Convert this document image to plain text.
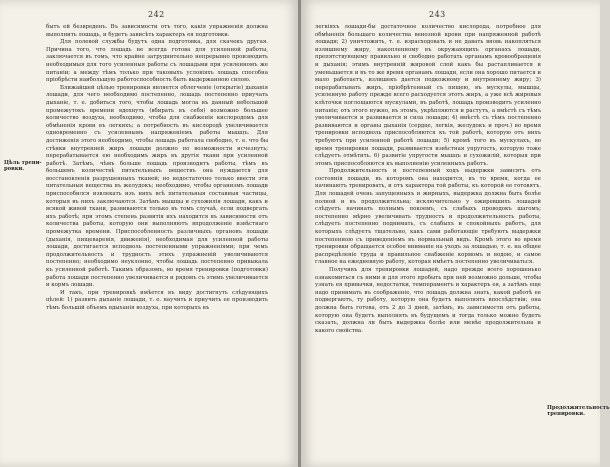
242
Цѣль трени-
ровки.

бытъ ей безвреденъ. Въ зависимости отъ того, какія упражненія должна выполнить лошадь, и будетъ зависѣть характеръ ея подготовки.

Для полевой службы будутъ одна подготовка, для скачекъ другая. Причина того, что лошадь не всегда готова для усиленной работы, заключается въ томъ, что крайне затруднительно непрерывно производить необходимыя для того усиленныя работы съ лошадьми при усиленномъ же питаніи; а между тѣмъ только при таковыхъ условіяхъ лошадь способна пріобрѣсти наибольшую работоспособность быть выдержанною силою.

Ближайшей цѣлью тренировки является облегченіе (открытіе) дыханія лошади, для чего необходимо постепенно, лошадь постепенно приучать дыханіе, т. е. добиться того, чтобы лошадь могла въ данный небольшой промежутокъ времени вдохнуть (вбирать въ себя) возможно большее количество воздуха, необходимо, чтобы для снабженія кислородомъ для обмѣненія крови въ легкихъ; а потребность въ кислородѣ увеличивается одновременно съ усиленнымъ напряженіемъ работы мышцъ. Для достиженія этого необходимо, чтобы лошадь работала свободно, т. е. что бы стѣнки внутренней жиръ лошади должно по возможности исчезнуть; перерабатывается ею необходимъ жиръ въ другія ткани при усиленной работѣ. Затѣмъ, чѣмъ больше лошадь производитъ работы, тѣмъ въ большемъ количествѣ питательныхъ веществъ она нуждается для восстановленія разрушенныхъ тканей; но недостаточно только ввести эти питательныя вещества въ желудокъ; необходимо, чтобы организмъ лошади приспособился извлекать изъ нихъ всѣ питательныя составныя частицы, которыя въ нихъ заключаются. Затѣмъ мышцы и сухожилія лошади, какъ и всякой живой ткани, развиваются только въ томъ случаѣ, если подвергать ихъ работѣ; при этомъ степень развитія ихъ находится въ зависимости отъ количества работы, которую они выполняютъ впродолженіе извѣстнаго промежутка времени. Приспособленность различныхъ органовъ лошади (дыханія, пищеваренія, движенія), необходимая для усиленной работы лошади, достигается исподволь постепенными упражненіями; при чемъ продолжительность и трудность этихъ упражненій увеличиваются постепенно; необходимо неуклонно, чтобы лошадь постепенно привыкала къ усиленной работѣ. Такимъ образомъ, во время тренировки (подготовки) работа лошади постепенно увеличивается и рядомъ съ этимъ увеличивается и кормъ лошади.

И такъ, при тренировкѣ имѣется въ виду достигнуть слѣдующихъ цѣлей: 1) развить дыханіе лошади, т. е. научить и приучить ее производить тѣмъ большій объемъ вдыханія воздуха, при которыхъ въ

243
Продолжительность
тренировки.

легкіяхъ лошади-бы достаточное количество кислорода, потребное для обмѣненія большаго количества венозной крови при напряженной работѣ лошади; 2) уничтожить, т. е. израсходовать и не давать вновь накопляться излишнему жиру, накопленному въ окружающихъ органахъ лошади, препятствующему правильно и свободно работать органамъ кровообращенія и дыханія; этимъ внутренній жировой слой какъ бы растапливается и уменьшается и въ то же время органамъ лошади, если она хорошо питается и мало работаетъ, излишекъ дается подкожному и внутреннему жиру; 3) перерабатывать жиръ, пріобрѣтенный съ пищею, въ мускулы, мышцы, усиленную работу прежде всего расходуется этотъ жиръ, а уже всѣ жировыя клѣточки поглощаются мускулами, въ работѣ, лошадь производитъ усиленно питаніе; отъ этого нужно, въ этомъ, укрѣпляются и растутъ, а вмѣстѣ съ тѣмъ увеличивается и развивается и сила лошади; 4) вмѣстѣ съ тѣмъ постепенно развиваются и органы дыханія (сердце, легкія, желудокъ и проч.) во время тренировки исподволь приспособляются къ той работѣ, которую отъ нихъ требуютъ при усиленной работѣ лошади; 5) кромѣ того въ мускулахъ, во время тренировки лошади, развивается извѣстная упругость, которую тоже слѣдуетъ отмѣтить. 6) развитіе упругости мышцъ и сухожилій, которыя при этомъ приспособляются къ выполненію усиленныхъ работъ.

Продолжительность и постепенный ходъ выдержки зависятъ отъ состоянія лошади, въ которомъ она находится, въ то время, когда ее начинаютъ тренировать, и отъ характера той работы, къ которой ее готовятъ. Для лошадей очень запущенныхъ и жирныхъ, выдержка должна быть болѣе полной и въ продолжительна; исключительно у ожиревшихъ лошадей слѣдуетъ начинать полнымъ покоемъ, съ слабыхъ проводокъ шагомъ; постепенно мѣрно увеличивать трудность и продолжительность работы, слѣдуетъ постепенно поднимать, съ слабыхъ и спокойныхъ работъ, для которыхъ слѣдуетъ тщательно, какъ сами работающіе требуютъ выдержки постепенною съ приведеніемъ въ нормальный видъ. Кромѣ этого во время тренировки обращается особое вниманіе на уходъ за лошадью, т. е. на общее распредѣленіе труда и правильное снабженіе кормомъ и водою, и самое главное на ежедневную работу, которая имѣетъ постепенно увеличиваться.

Получивъ для тренировки лошадей, надо прежде всего хорошенько ознакомиться съ ними и для этого пробыть при ней возможно дольше, чтобы узнать ея привычки, недостатки, темпераментъ и характеръ ея, а затѣмъ еще надо принимать въ соображеніе, что лошадь должна знать, какой работѣ ее подвергаютъ, ту работу, которую она будетъ выполнять впослѣдствіи; она должна быть готова, отъ 2 до 3 дней, затѣмъ, въ зависимости отъ работы, которую она будетъ выполнять въ будущемъ и тогда только можно будетъ сказать, должна ли быть выдержка болѣе или менѣе продолжительна и какого свойства.
